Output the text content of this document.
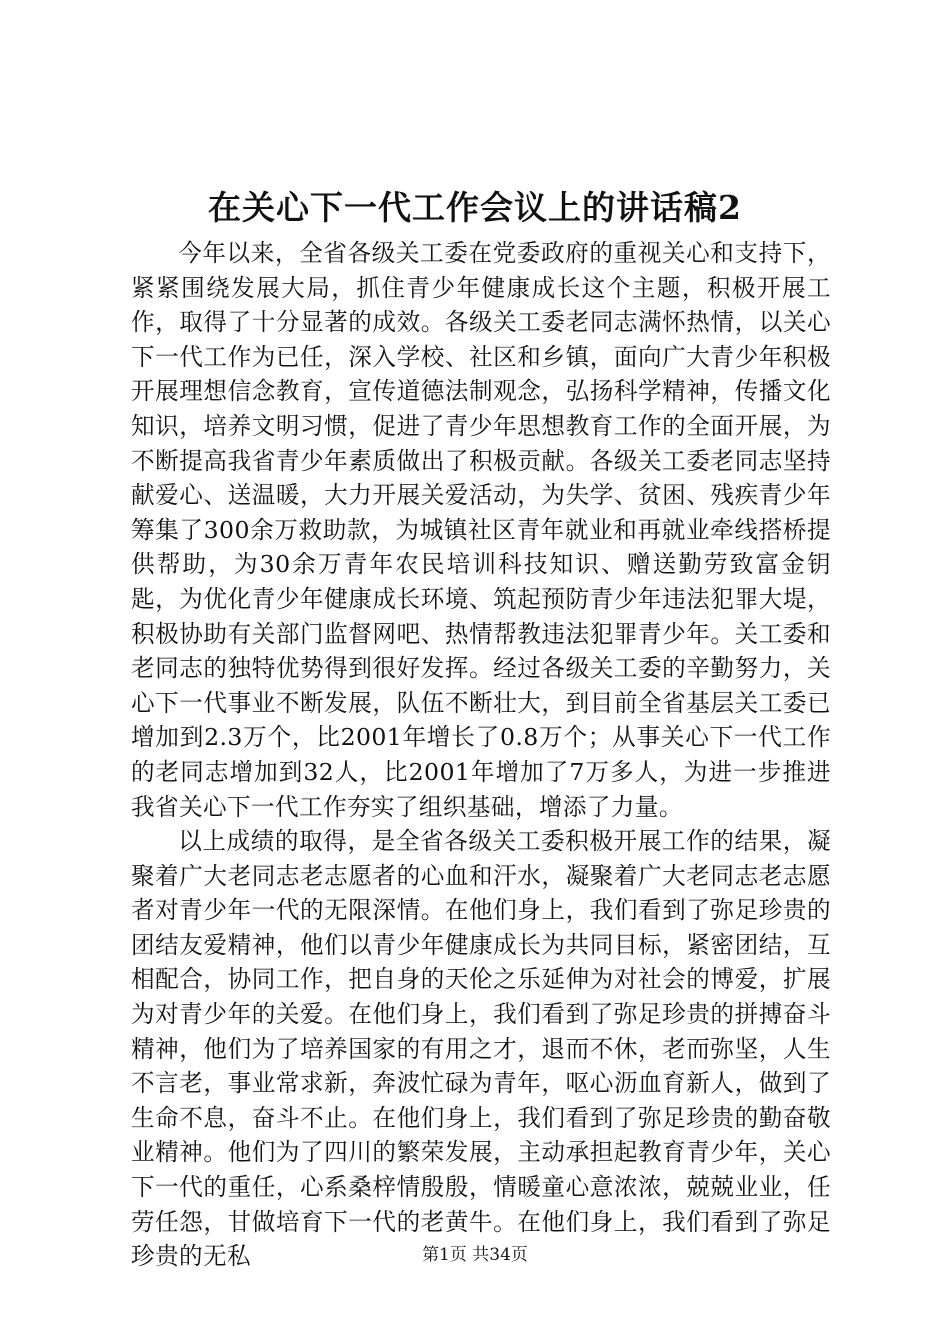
在关心下一代工作会议上的讲话稿2

今年以来，全省各级关工委在党委政府的重视关心和支持下，紧紧围绕发展大局，抓住青少年健康成长这个主题，积极开展工作，取得了十分显著的成效。各级关工委老同志满怀热情，以关心下一代工作为已任，深入学校、社区和乡镇，面向广大青少年积极开展理想信念教育，宣传道德法制观念，弘扬科学精神，传播文化知识，培养文明习惯，促进了青少年思想教育工作的全面开展，为不断提高我省青少年素质做出了积极贡献。各级关工委老同志坚持献爱心、送温暖，大力开展关爱活动，为失学、贫困、残疾青少年筹集了300余万救助款，为城镇社区青年就业和再就业牵线搭桥提供帮助，为30余万青年农民培训科技知识、赠送勤劳致富金钥匙，为优化青少年健康成长环境、筑起预防青少年违法犯罪大堤，积极协助有关部门监督网吧、热情帮教违法犯罪青少年。关工委和老同志的独特优势得到很好发挥。经过各级关工委的辛勤努力，关心下一代事业不断发展，队伍不断壮大，到目前全省基层关工委已增加到2.3万个，比2001年增长了0.8万个；从事关心下一代工作的老同志增加到32人，比2001年增加了7万多人，为进一步推进我省关心下一代工作夯实了组织基础，增添了力量。

以上成绩的取得，是全省各级关工委积极开展工作的结果，凝聚着广大老同志老志愿者的心血和汗水，凝聚着广大老同志老志愿者对青少年一代的无限深情。在他们身上，我们看到了弥足珍贵的团结友爱精神，他们以青少年健康成长为共同目标，紧密团结，互相配合，协同工作，把自身的天伦之乐延伸为对社会的博爱，扩展为对青少年的关爱。在他们身上，我们看到了弥足珍贵的拼搏奋斗精神，他们为了培养国家的有用之才，退而不休，老而弥坚，人生不言老，事业常求新，奔波忙碌为青年，呕心沥血育新人，做到了生命不息，奋斗不止。在他们身上，我们看到了弥足珍贵的勤奋敬业精神。他们为了四川的繁荣发展，主动承担起教育青少年，关心下一代的重任，心系桑梓情殷殷，情暖童心意浓浓，兢兢业业，任劳任怨，甘做培育下一代的老黄牛。在他们身上，我们看到了弥足珍贵的无私	第1页 共34页
